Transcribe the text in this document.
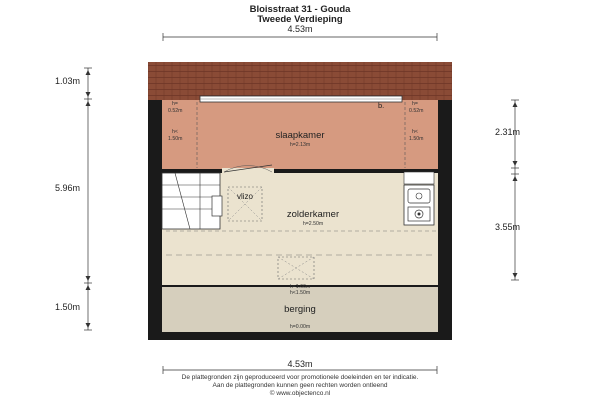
Bloisstraat 31 - Gouda
Tweede Verdieping
4.53m
slaapkamer
h=2.13m
b.
vlizo
zolderkamer
h=2.50m
berging
h=0.00m
h=
0.52m
h<
1.50m
h=
0.52m
h<
1.50m
h=1.66m
h<1.50m
1.03m
5.96m
1.50m
2.31m
3.55m
4.53m
De plattegronden zijn geproduceerd voor promotionele doeleinden en ter indicatie.
Aan de plattegronden kunnen geen rechten worden ontleend
© www.objectenco.nl
